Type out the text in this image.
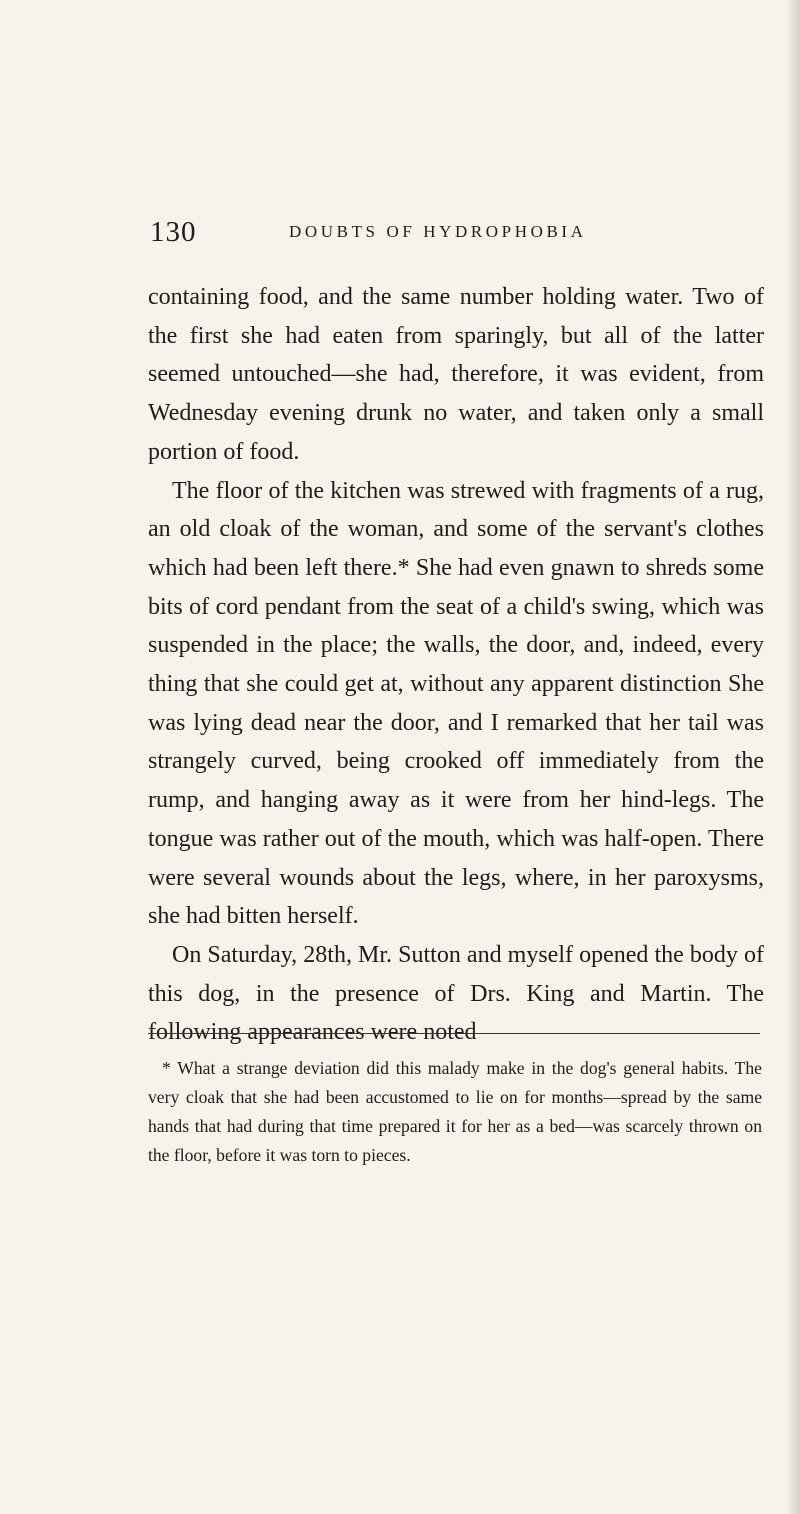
130	DOUBTS OF HYDROPHOBIA

containing food, and the same number holding water. Two of the first she had eaten from sparingly, but all of the latter seemed untouched—she had, therefore, it was evident, from Wednesday evening drunk no water, and taken only a small portion of food.

The floor of the kitchen was strewed with fragments of a rug, an old cloak of the woman, and some of the servant's clothes which had been left there.* She had even gnawn to shreds some bits of cord pendant from the seat of a child's swing, which was suspended in the place; the walls, the door, and, indeed, every thing that she could get at, without any apparent distinction She was lying dead near the door, and I remarked that her tail was strangely curved, being crooked off immediately from the rump, and hanging away as it were from her hind-legs. The tongue was rather out of the mouth, which was half-open. There were several wounds about the legs, where, in her paroxysms, she had bitten herself.

On Saturday, 28th, Mr. Sutton and myself opened the body of this dog, in the presence of Drs. King and Martin. The following appearances were noted

* What a strange deviation did this malady make in the dog's general habits. The very cloak that she had been accustomed to lie on for months—spread by the same hands that had during that time prepared it for her as a bed—was scarcely thrown on the floor, before it was torn to pieces.
